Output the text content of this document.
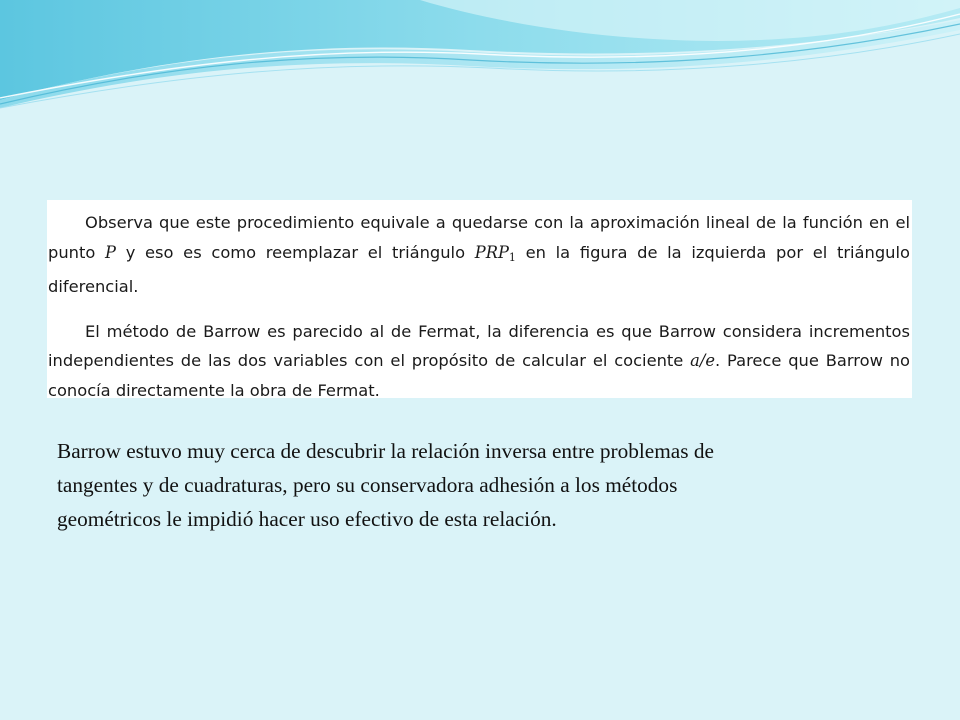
Observa que este procedimiento equivale a quedarse con la aproximación lineal de la función en el punto P y eso es como reemplazar el triángulo $PRP_1$ en la figura de la izquierda por el triángulo diferencial.

El método de Barrow es parecido al de Fermat, la diferencia es que Barrow considera incrementos independientes de las dos variables con el propósito de calcular el cociente a/e. Parece que Barrow no conocía directamente la obra de Fermat.

Barrow estuvo muy cerca de descubrir la relación inversa entre problemas de
tangentes y de cuadraturas, pero su conservadora adhesión a los métodos
geométricos le impidió hacer uso efectivo de esta relación.
